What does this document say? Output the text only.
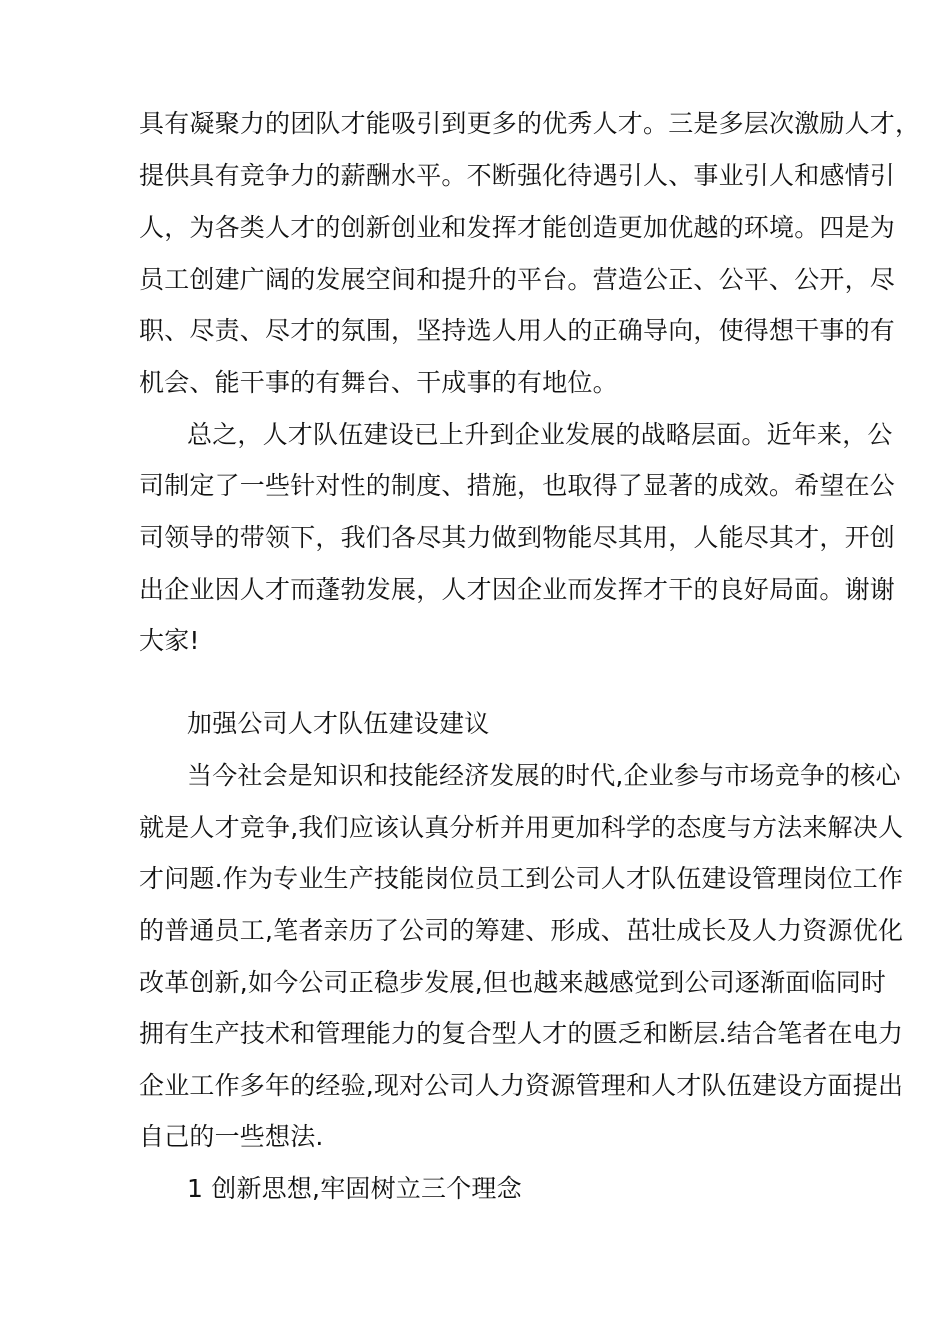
具有凝聚力的团队才能吸引到更多的优秀人才。三是多层次激励人才，
提供具有竞争力的薪酬水平。不断强化待遇引人、事业引人和感情引
人，为各类人才的创新创业和发挥才能创造更加优越的环境。四是为
员工创建广阔的发展空间和提升的平台。营造公正、公平、公开，尽
职、尽责、尽才的氛围，坚持选人用人的正确导向，使得想干事的有
机会、能干事的有舞台、干成事的有地位。
总之，人才队伍建设已上升到企业发展的战略层面。近年来，公
司制定了一些针对性的制度、措施，也取得了显著的成效。希望在公
司领导的带领下，我们各尽其力做到物能尽其用，人能尽其才，开创
出企业因人才而蓬勃发展，人才因企业而发挥才干的良好局面。谢谢
大家!
加强公司人才队伍建设建议
当今社会是知识和技能经济发展的时代,企业参与市场竞争的核心
就是人才竞争,我们应该认真分析并用更加科学的态度与方法来解决人
才问题.作为专业生产技能岗位员工到公司人才队伍建设管理岗位工作
的普通员工,笔者亲历了公司的筹建、形成、茁壮成长及人力资源优化
改革创新,如今公司正稳步发展,但也越来越感觉到公司逐渐面临同时
拥有生产技术和管理能力的复合型人才的匮乏和断层.结合笔者在电力
企业工作多年的经验,现对公司人力资源管理和人才队伍建设方面提出
自己的一些想法.
1 创新思想,牢固树立三个理念
